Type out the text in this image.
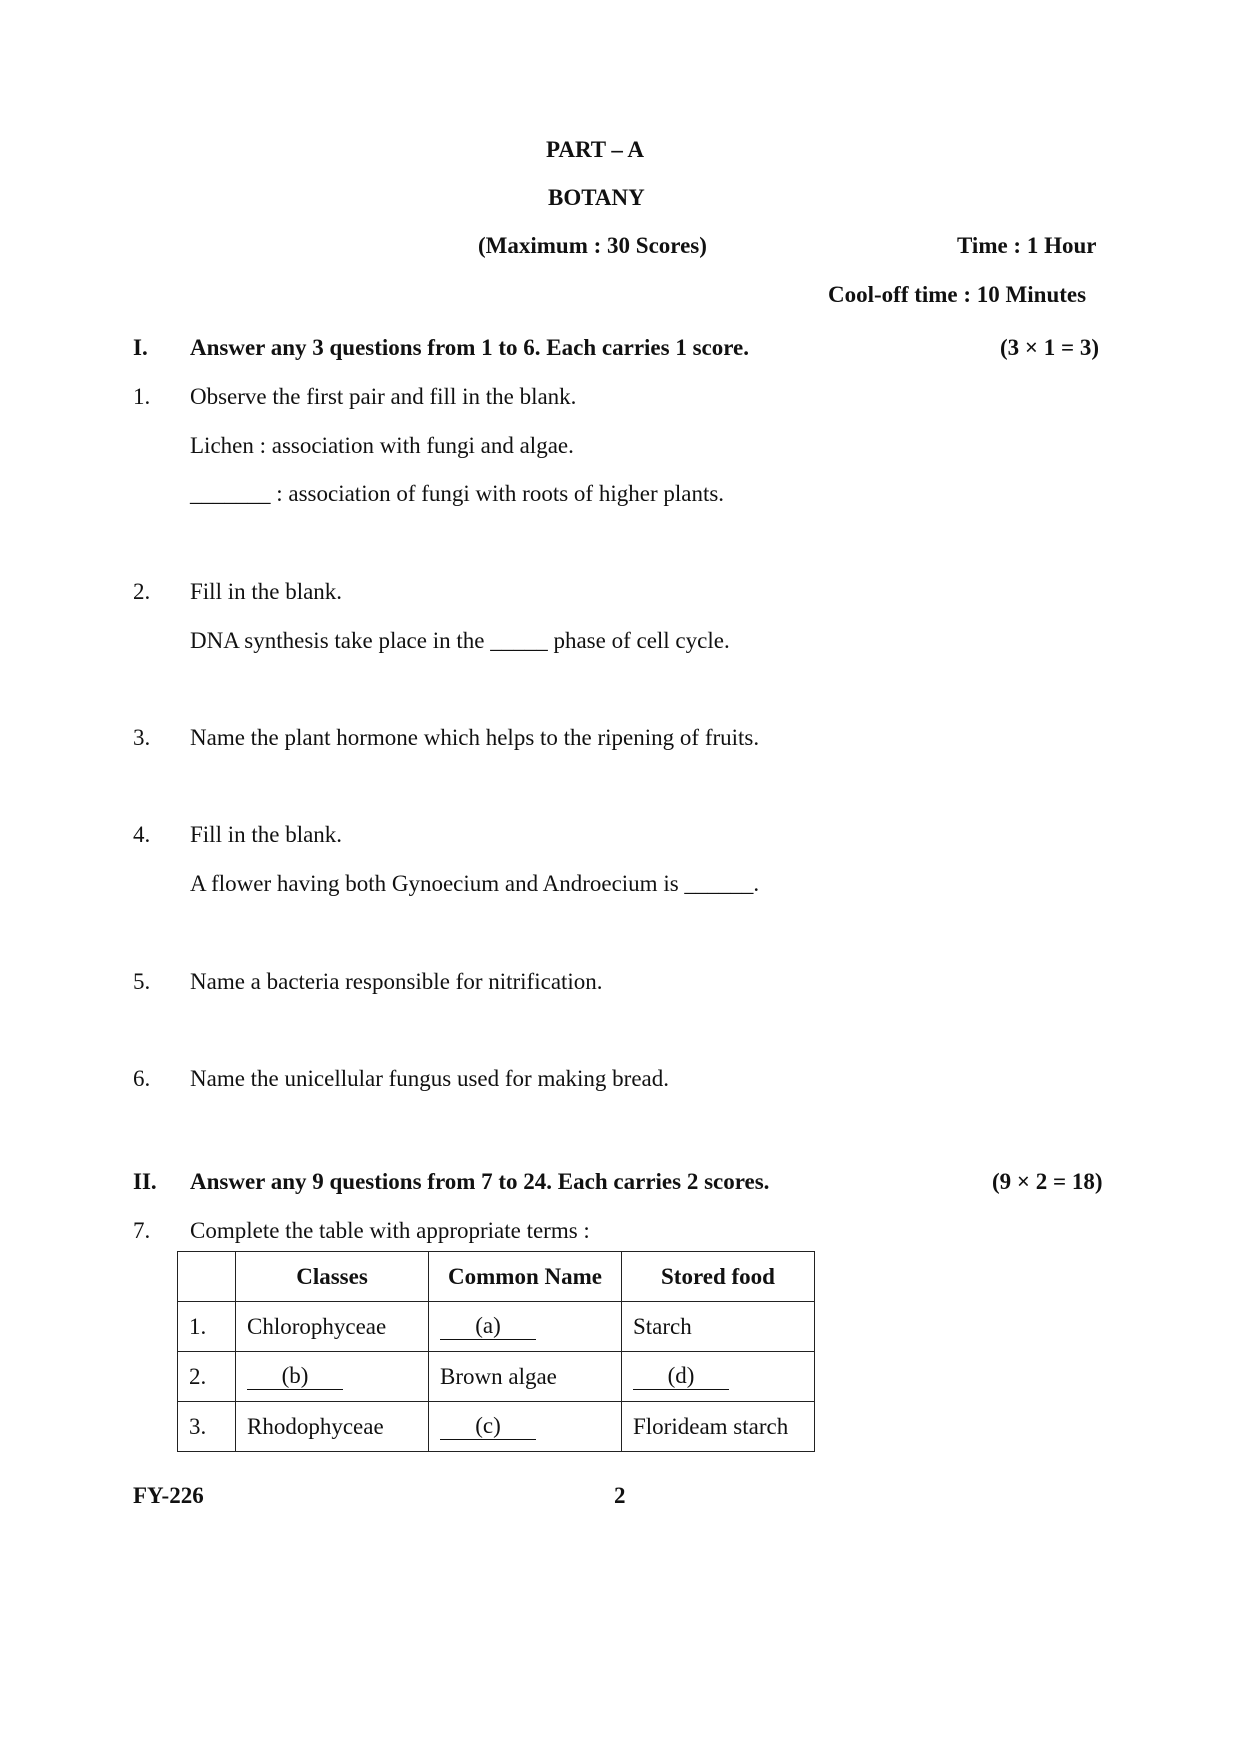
PART – A
BOTANY
(Maximum : 30 Scores)	Time : 1 Hour
Cool-off time : 10 Minutes
I. Answer any 3 questions from 1 to 6. Each carries 1 score.	(3 × 1 = 3)
1. Observe the first pair and fill in the blank.
Lichen : association with fungi and algae.
_______ : association of fungi with roots of higher plants.
2. Fill in the blank.
DNA synthesis take place in the _____ phase of cell cycle.
3. Name the plant hormone which helps to the ripening of fruits.
4. Fill in the blank.
A flower having both Gynoecium and Androecium is ______.
5. Name a bacteria responsible for nitrification.
6. Name the unicellular fungus used for making bread.
II. Answer any 9 questions from 7 to 24. Each carries 2 scores.	(9 × 2 = 18)
7. Complete the table with appropriate terms :
	Classes	Common Name	Stored food
1.	Chlorophyceae	(a)	Starch
2.	(b)	Brown algae	(d)
3.	Rhodophyceae	(c)	Florideam starch
FY-226	2
